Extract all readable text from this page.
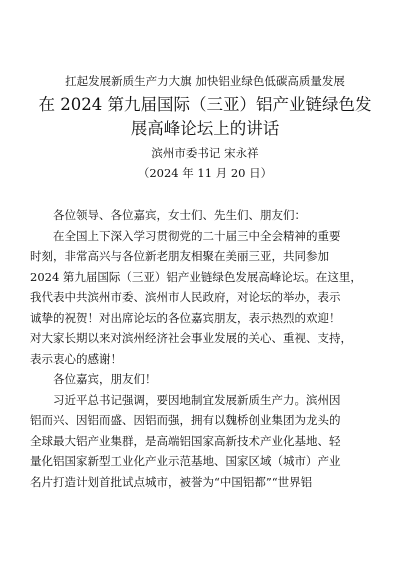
扛起发展新质生产力大旗 加快铝业绿色低碳高质量发展
在 2024 第九届国际（三亚）铝产业链绿色发
展高峰论坛上的讲话
滨州市委书记 宋永祥
（2024 年 11 月 20 日）
各位领导、各位嘉宾，女士们、先生们、朋友们：
在全国上下深入学习贯彻党的二十届三中全会精神的重要
时刻，非常高兴与各位新老朋友相聚在美丽三亚，共同参加
2024 第九届国际（三亚）铝产业链绿色发展高峰论坛。在这里，
我代表中共滨州市委、滨州市人民政府，对论坛的举办，表示
诚挚的祝贺！对出席论坛的各位嘉宾朋友，表示热烈的欢迎！
对大家长期以来对滨州经济社会事业发展的关心、重视、支持，
表示衷心的感谢！
各位嘉宾，朋友们！
习近平总书记强调，要因地制宜发展新质生产力。滨州因
铝而兴、因铝而盛、因铝而强，拥有以魏桥创业集团为龙头的
全球最大铝产业集群，是高端铝国家高新技术产业化基地、轻
量化铝国家新型工业化产业示范基地、国家区域（城市）产业
名片打造计划首批试点城市，被誉为“中国铝都”“世界铝
